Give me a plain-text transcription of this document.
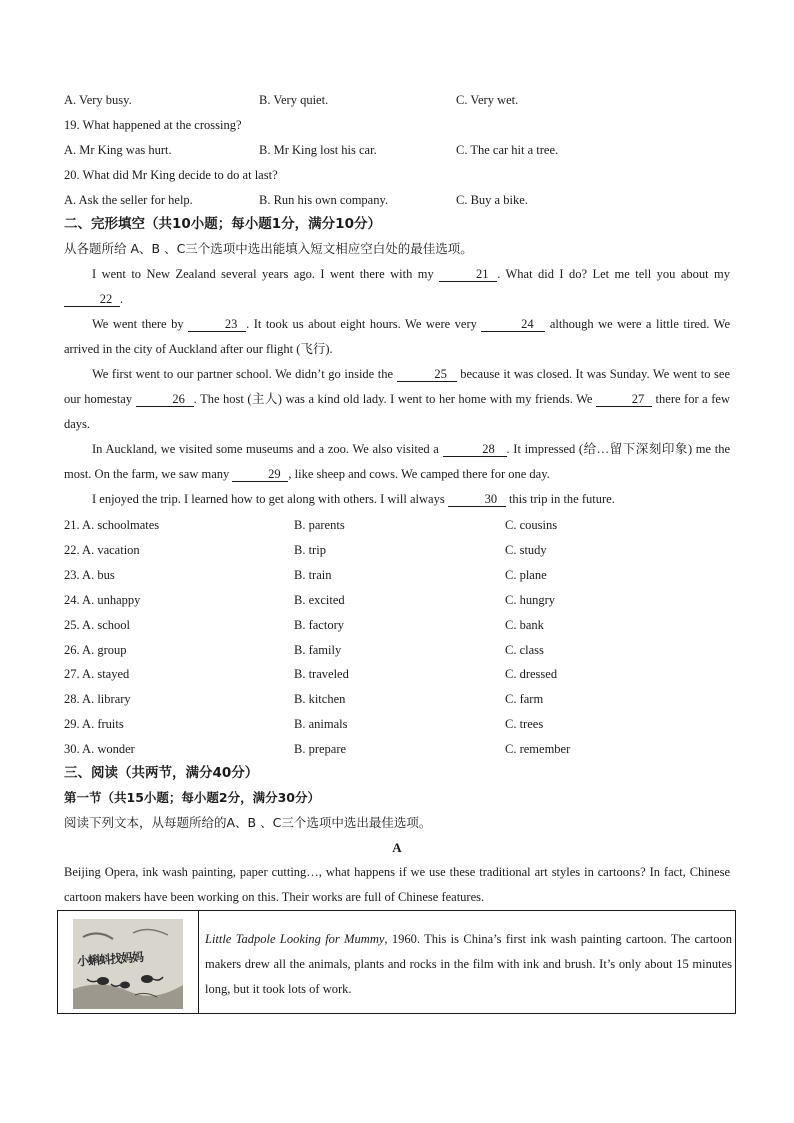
A. Very busy.	B. Very quiet.	C. Very wet.
19. What happened at the crossing?
A. Mr King was hurt.	B. Mr King lost his car.	C. The car hit a tree.
20. What did Mr King decide to do at last?
A. Ask the seller for help.	B. Run his own company.	C. Buy a bike.
二、完形填空（共10小题；每小题1分，满分10分）
从各题所给 A、B 、C三个选项中选出能填入短文相应空白处的最佳选项。
I went to New Zealand several years ago. I went there with my	21 . What did I do? Let me tell you about my 22 .
We went there by	23 . It took us about eight hours. We were very	24 although we were a little tired. We arrived in the city of Auckland after our flight (飞行).
We first went to our partner school. We didn’t go inside the	25 because it was closed. It was Sunday. We went to see our homestay	26 . The host (主人) was a kind old lady. I went to her home with my friends. We	27 there for a few days.
In Auckland, we visited some museums and a zoo. We also visited a	28 . It impressed (给…留下深刻印象) me the most. On the farm, we saw many	29 , like sheep and cows. We camped there for one day.
I enjoyed the trip. I learned how to get along with others. I will always	30 this trip in the future.
21. A. schoolmates	B. parents	C. cousins
22. A. vacation	B. trip	C. study
23. A. bus	B. train	C. plane
24. A. unhappy	B. excited	C. hungry
25. A. school	B. factory	C. bank
26. A. group	B. family	C. class
27. A. stayed	B. traveled	C. dressed
28. A. library	B. kitchen	C. farm
29. A. fruits	B. animals	C. trees
30. A. wonder	B. prepare	C. remember
三、阅读（共两节，满分40分）
第一节（共15小题；每小题2分，满分30分）
阅读下列文本，从每题所给的A、B 、C三个选项中选出最佳选项。
A
Beijing Opera, ink wash painting, paper cutting…, what happens if we use these traditional art styles in cartoons? In fact, Chinese cartoon makers have been working on this. Their works are full of Chinese features.
小蝌蚪找妈妈
Little Tadpole Looking for Mummy, 1960. This is China’s first ink wash painting cartoon. The cartoon makers drew all the animals, plants and rocks in the film with ink and brush. It’s only about 15 minutes long, but it took lots of work.
